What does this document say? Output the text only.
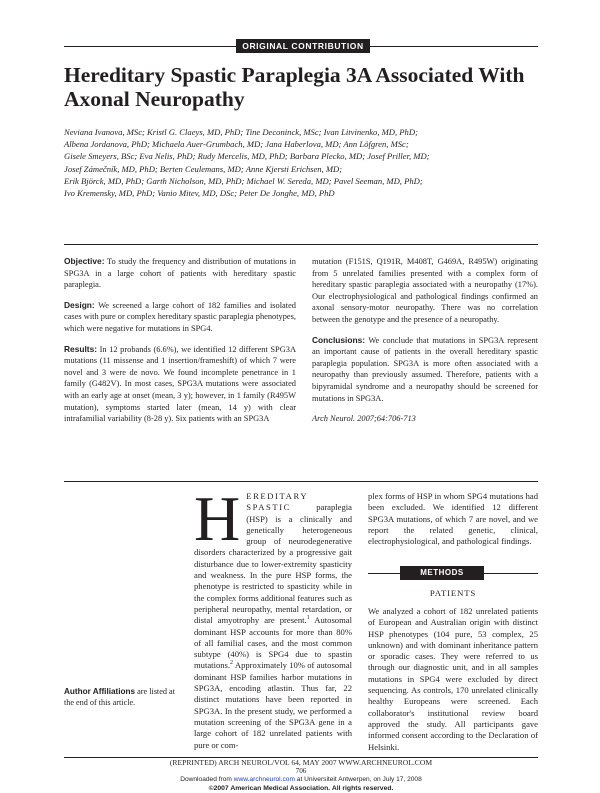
ORIGINAL CONTRIBUTION
Hereditary Spastic Paraplegia 3A Associated With Axonal Neuropathy
Neviana Ivanova, MSc; Kristl G. Claeys, MD, PhD; Tine Deconinck, MSc; Ivan Litvinenko, MD, PhD;
Albena Jordanova, PhD; Michaela Auer-Grumbach, MD; Jana Haberlova, MD; Ann Löfgren, MSc;
Gisele Smeyers, BSc; Eva Nelis, PhD; Rudy Mercelis, MD, PhD; Barbara Plecko, MD; Josef Priller, MD;
Josef Zámečník, MD, PhD; Berten Ceulemans, MD; Anne Kjersti Erichsen, MD;
Erik Björck, MD, PhD; Garth Nicholson, MD, PhD; Michael W. Sereda, MD; Pavel Seeman, MD, PhD;
Ivo Kremensky, MD, PhD; Vanio Mitev, MD, DSc; Peter De Jonghe, MD, PhD

Objective: To study the frequency and distribution of mutations in SPG3A in a large cohort of patients with hereditary spastic paraplegia.

Design: We screened a large cohort of 182 families and isolated cases with pure or complex hereditary spastic paraplegia phenotypes, which were negative for mutations in SPG4.

Results: In 12 probands (6.6%), we identified 12 different SPG3A mutations (11 missense and 1 insertion/frameshift) of which 7 were novel and 3 were de novo. We found incomplete penetrance in 1 family (G482V). In most cases, SPG3A mutations were associated with an early age at onset (mean, 3 y); however, in 1 family (R495W mutation), symptoms started later (mean, 14 y) with clear intrafamilial variability (8-28 y). Six patients with an SPG3A

mutation (F151S, Q191R, M408T, G469A, R495W) originating from 5 unrelated families presented with a complex form of hereditary spastic paraplegia associated with a neuropathy (17%). Our electrophysiological and pathological findings confirmed an axonal sensory-motor neuropathy. There was no correlation between the genotype and the presence of a neuropathy.

Conclusions: We conclude that mutations in SPG3A represent an important cause of patients in the overall hereditary spastic paraplegia population. SPG3A is more often associated with a neuropathy than previously assumed. Therefore, patients with a bipyramidal syndrome and a neuropathy should be screened for mutations in SPG3A.

Arch Neurol. 2007;64:706-713

H EREDITARY SPASTIC	paraplegia (HSP) is a clinically and genetically heterogeneous group of neurodegenerative disorders characterized by a progressive gait disturbance due to lower-extremity spasticity and weakness. In the pure HSP forms, the phenotype is restricted to spasticity while in the complex forms additional features such as peripheral neuropathy, mental retardation, or distal amyotrophy are present.$^1$ Autosomal dominant HSP accounts for more than 80% of all familial cases, and the most common subtype (40%) is SPG4 due to spastin mutations.$^2$ Approximately 10% of autosomal dominant HSP families harbor mutations in SPG3A, encoding atlastin. Thus far, 22 distinct mutations have been reported in SPG3A. In the present study, we performed a mutation screening of the SPG3A gene in a large cohort of 182 unrelated patients with pure or com-

plex forms of HSP in whom SPG4 mutations had been excluded. We identified 12 different SPG3A mutations, of which 7 are novel, and we report the related genetic, clinical, electrophysiological, and pathological findings.

METHODS
PATIENTS

We analyzed a cohort of 182 unrelated patients of European and Australian origin with distinct HSP phenotypes (104 pure, 53 complex, 25 unknown) and with dominant inheritance pattern or sporadic cases. They were referred to us through our diagnostic unit, and in all samples mutations in SPG4 were excluded by direct sequencing. As controls, 170 unrelated clinically healthy Europeans were screened. Each collaborator's institutional review board approved the study. All participants gave informed consent according to the Declaration of Helsinki.

Author Affiliations are listed at the end of this article.
(REPRINTED) ARCH NEUROL/VOL 64, MAY 2007 WWW.ARCHNEUROL.COM
706
Downloaded from www.archneurol.com at Universiteit Antwerpen, on July 17, 2008
©2007 American Medical Association. All rights reserved.
